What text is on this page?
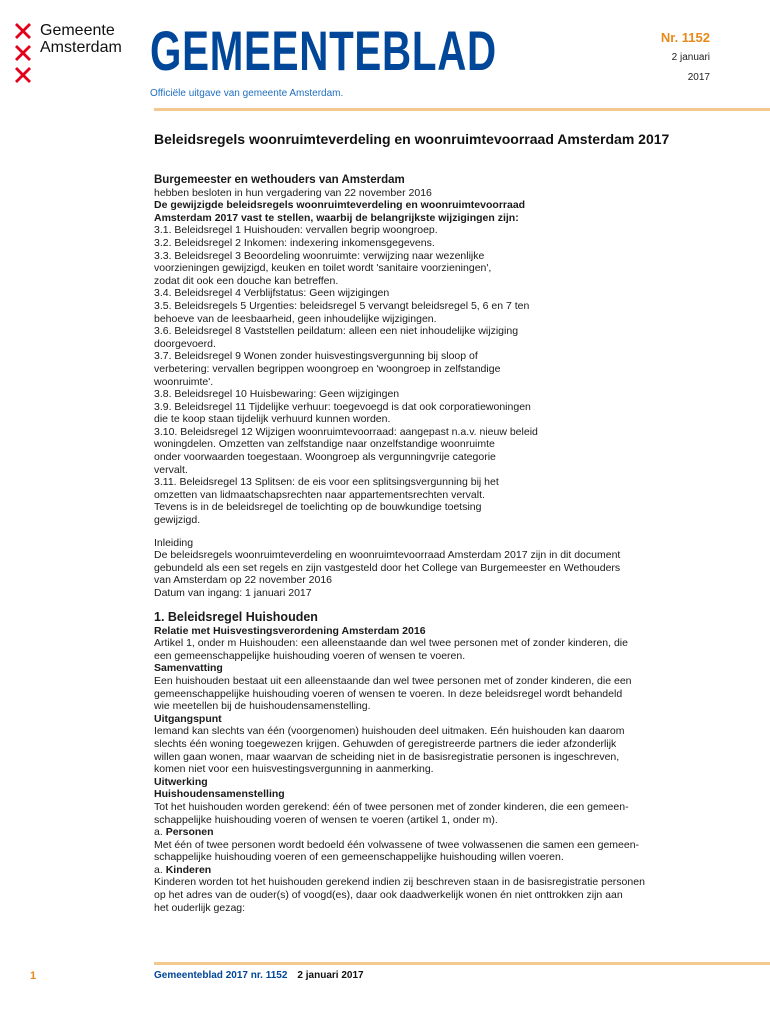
Gemeente
Amsterdam GEMEENTEBLAD
Officiële uitgave van gemeente Amsterdam.
Nr. 1152
2 januari
2017
Beleidsregels woonruimteverdeling en woonruimtevoorraad Amsterdam 2017

Burgemeester en wethouders van Amsterdam

hebben besloten in hun vergadering van 22 november 2016

De gewijzigde beleidsregels woonruimteverdeling en woonruimtevoorraad

Amsterdam 2017 vast te stellen, waarbij de belangrijkste wijzigingen zijn:

3.1. Beleidsregel 1 Huishouden: vervallen begrip woongroep.

3.2. Beleidsregel 2 Inkomen: indexering inkomensgegevens.

3.3. Beleidsregel 3 Beoordeling woonruimte: verwijzing naar wezenlijke

voorzieningen gewijzigd, keuken en toilet wordt 'sanitaire voorzieningen',

zodat dit ook een douche kan betreffen.

3.4. Beleidsregel 4 Verblijfstatus: Geen wijzigingen

3.5. Beleidsregels 5 Urgenties: beleidsregel 5 vervangt beleidsregel 5, 6 en 7 ten

behoeve van de leesbaarheid, geen inhoudelijke wijzigingen.

3.6. Beleidsregel 8 Vaststellen peildatum: alleen een niet inhoudelijke wijziging

doorgevoerd.

3.7. Beleidsregel 9 Wonen zonder huisvestingsvergunning bij sloop of

verbetering: vervallen begrippen woongroep en 'woongroep in zelfstandige

woonruimte'.

3.8. Beleidsregel 10 Huisbewaring: Geen wijzigingen

3.9. Beleidsregel 11 Tijdelijke verhuur: toegevoegd is dat ook corporatiewoningen

die te koop staan tijdelijk verhuurd kunnen worden.

3.10. Beleidsregel 12 Wijzigen woonruimtevoorraad: aangepast n.a.v. nieuw beleid

woningdelen. Omzetten van zelfstandige naar onzelfstandige woonruimte

onder voorwaarden toegestaan. Woongroep als vergunningvrije categorie

vervalt.

3.11. Beleidsregel 13 Splitsen: de eis voor een splitsingsvergunning bij het

omzetten van lidmaatschapsrechten naar appartementsrechten vervalt.

Tevens is in de beleidsregel de toelichting op de bouwkundige toetsing

gewijzigd.

Inleiding

De beleidsregels woonruimteverdeling en woonruimtevoorraad Amsterdam 2017 zijn in dit document

gebundeld als een set regels en zijn vastgesteld door het College van Burgemeester en Wethouders

van Amsterdam op 22 november 2016

Datum van ingang: 1 januari 2017

1. Beleidsregel Huishouden

Relatie met Huisvestingsverordening Amsterdam 2016

Artikel 1, onder m Huishouden: een alleenstaande dan wel twee personen met of zonder kinderen, die

een gemeenschappelijke huishouding voeren of wensen te voeren.

Samenvatting

Een huishouden bestaat uit een alleenstaande dan wel twee personen met of zonder kinderen, die een

gemeenschappelijke huishouding voeren of wensen te voeren. In deze beleidsregel wordt behandeld

wie meetellen bij de huishoudensamenstelling.

Uitgangspunt

Iemand kan slechts van één (voorgenomen) huishouden deel uitmaken. Eén huishouden kan daarom

slechts één woning toegewezen krijgen. Gehuwden of geregistreerde partners die ieder afzonderlijk

willen gaan wonen, maar waarvan de scheiding niet in de basisregistratie personen is ingeschreven,

komen niet voor een huisvestingsvergunning in aanmerking.

Uitwerking

Huishoudensamenstelling

Tot het huishouden worden gerekend: één of twee personen met of zonder kinderen, die een gemeen-

schappelijke huishouding voeren of wensen te voeren (artikel 1, onder m).

a. Personen

Met één of twee personen wordt bedoeld één volwassene of twee volwassenen die samen een gemeen-

schappelijke huishouding voeren of een gemeenschappelijke huishouding willen voeren.

a. Kinderen

Kinderen worden tot het huishouden gerekend indien zij beschreven staan in de basisregistratie personen

op het adres van de ouder(s) of voogd(es), daar ook daadwerkelijk wonen én niet onttrokken zijn aan

het ouderlijk gezag:

1	Gemeenteblad 2017 nr. 1152 2 januari 2017
